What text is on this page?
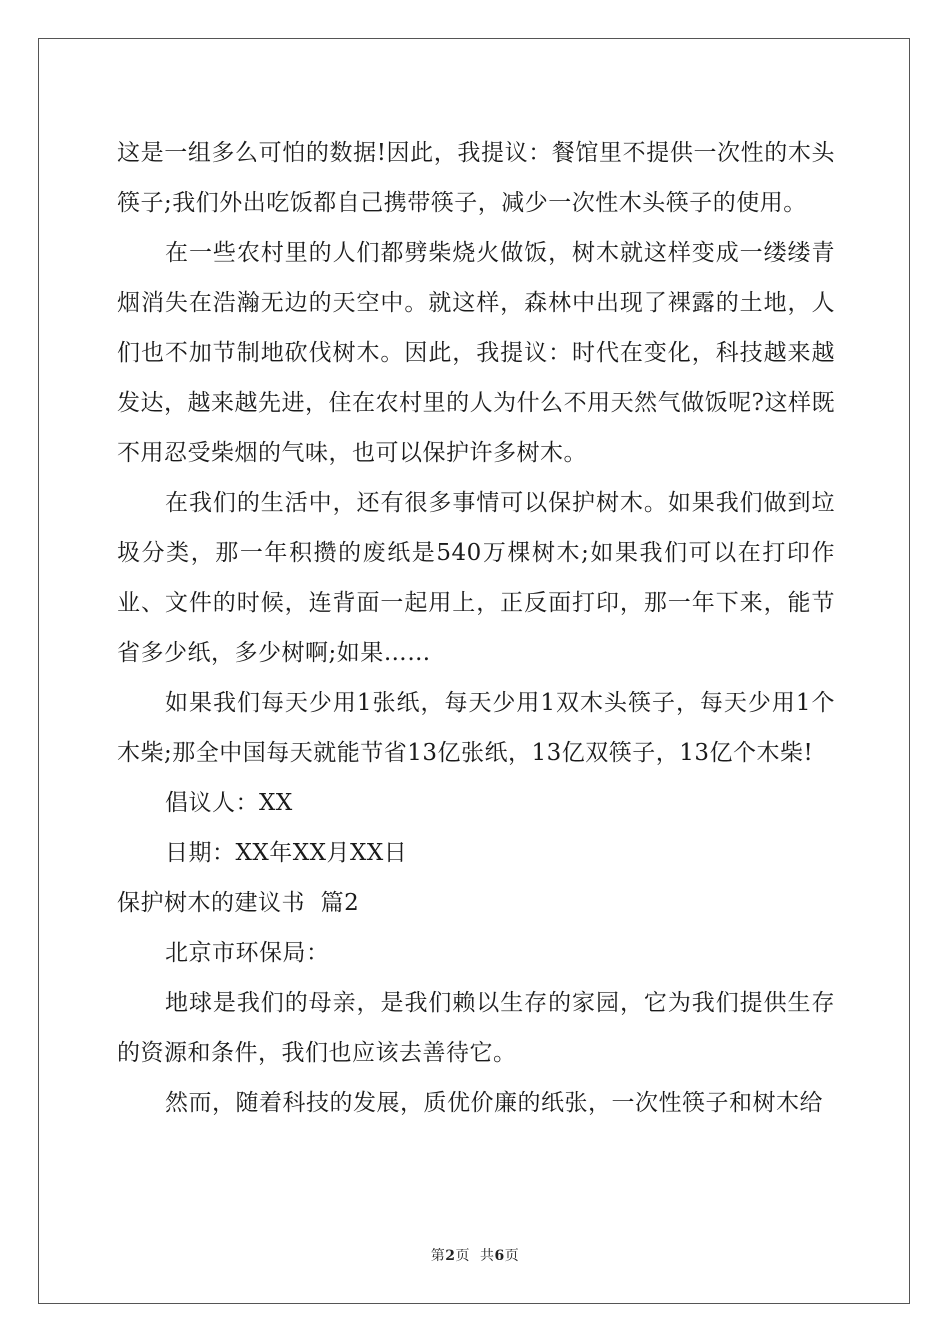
这是一组多么可怕的数据!因此，我提议：餐馆里不提供一次性的木头筷子;我们外出吃饭都自己携带筷子，减少一次性木头筷子的使用。

在一些农村里的人们都劈柴烧火做饭，树木就这样变成一缕缕青烟消失在浩瀚无边的天空中。就这样，森林中出现了裸露的土地，人们也不加节制地砍伐树木。因此，我提议：时代在变化，科技越来越发达，越来越先进，住在农村里的人为什么不用天然气做饭呢?这样既不用忍受柴烟的气味，也可以保护许多树木。

在我们的生活中，还有很多事情可以保护树木。如果我们做到垃圾分类，那一年积攒的废纸是540万棵树木;如果我们可以在打印作业、文件的时候，连背面一起用上，正反面打印，那一年下来，能节省多少纸，多少树啊;如果……

如果我们每天少用1张纸，每天少用1双木头筷子，每天少用1个木柴;那全中国每天就能节省13亿张纸，13亿双筷子，13亿个木柴!

倡议人：XX

日期：XX年XX月XX日

保护树木的建议书  篇2

北京市环保局：

地球是我们的母亲，是我们赖以生存的家园，它为我们提供生存的资源和条件，我们也应该去善待它。

然而，随着科技的发展，质优价廉的纸张，一次性筷子和树木给

第2页  共6页
